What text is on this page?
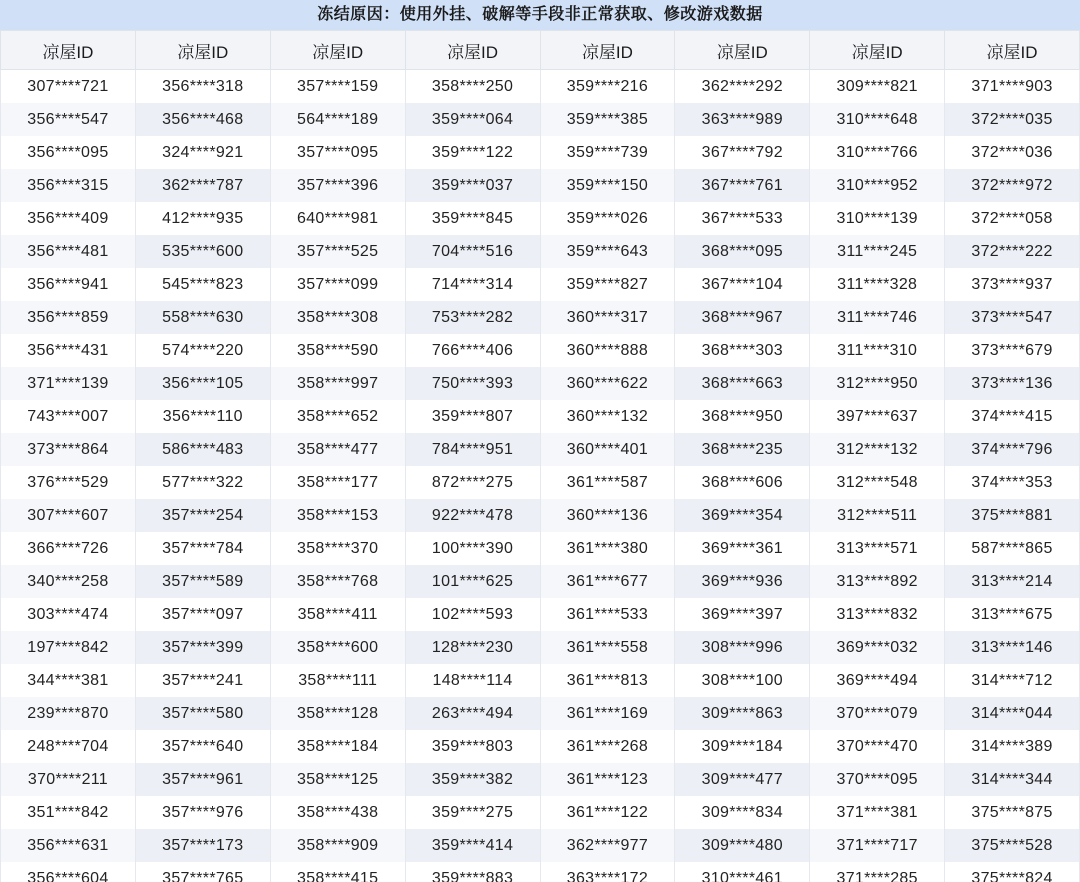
冻结原因：使用外挂、破解等手段非正常获取、修改游戏数据
凉屋ID	凉屋ID	凉屋ID	凉屋ID	凉屋ID	凉屋ID	凉屋ID	凉屋ID
307****721	356****318	357****159	358****250	359****216	362****292	309****821	371****903
356****547	356****468	564****189	359****064	359****385	363****989	310****648	372****035
356****095	324****921	357****095	359****122	359****739	367****792	310****766	372****036
356****315	362****787	357****396	359****037	359****150	367****761	310****952	372****972
356****409	412****935	640****981	359****845	359****026	367****533	310****139	372****058
356****481	535****600	357****525	704****516	359****643	368****095	311****245	372****222
356****941	545****823	357****099	714****314	359****827	367****104	311****328	373****937
356****859	558****630	358****308	753****282	360****317	368****967	311****746	373****547
356****431	574****220	358****590	766****406	360****888	368****303	311****310	373****679
371****139	356****105	358****997	750****393	360****622	368****663	312****950	373****136
743****007	356****110	358****652	359****807	360****132	368****950	397****637	374****415
373****864	586****483	358****477	784****951	360****401	368****235	312****132	374****796
376****529	577****322	358****177	872****275	361****587	368****606	312****548	374****353
307****607	357****254	358****153	922****478	360****136	369****354	312****511	375****881
366****726	357****784	358****370	100****390	361****380	369****361	313****571	587****865
340****258	357****589	358****768	101****625	361****677	369****936	313****892	313****214
303****474	357****097	358****411	102****593	361****533	369****397	313****832	313****675
197****842	357****399	358****600	128****230	361****558	308****996	369****032	313****146
344****381	357****241	358****111	148****114	361****813	308****100	369****494	314****712
239****870	357****580	358****128	263****494	361****169	309****863	370****079	314****044
248****704	357****640	358****184	359****803	361****268	309****184	370****470	314****389
370****211	357****961	358****125	359****382	361****123	309****477	370****095	314****344
351****842	357****976	358****438	359****275	361****122	309****834	371****381	375****875
356****631	357****173	358****909	359****414	362****977	309****480	371****717	375****528
356****604	357****765	358****415	359****883	363****172	310****461	371****285	375****824
